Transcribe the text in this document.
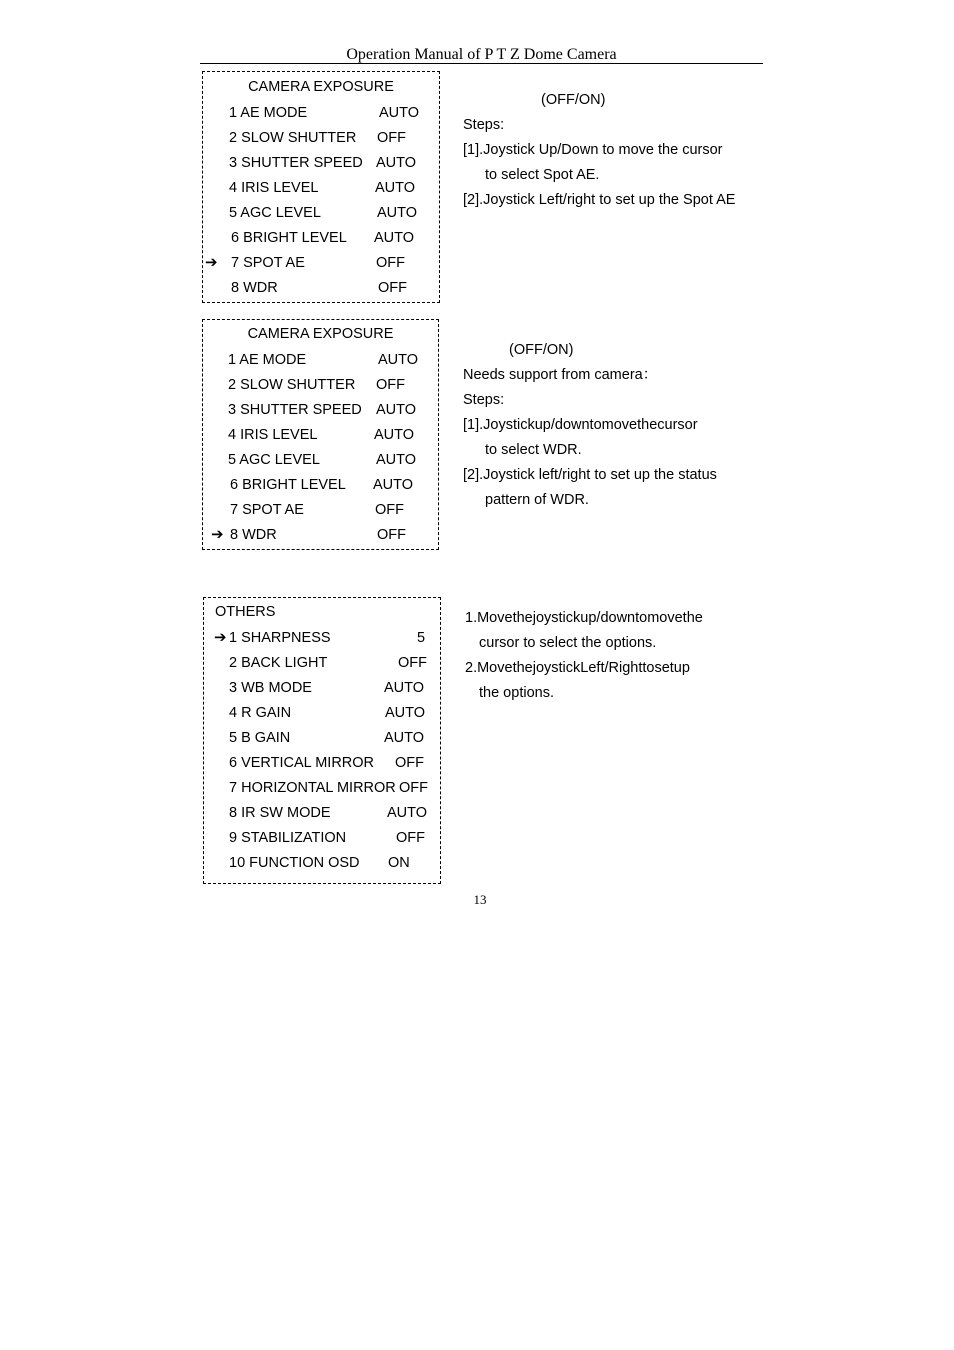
Operation Manual of P T Z Dome Camera
CAMERA EXPOSURE
1 AE MODE	AUTO
2 SLOW SHUTTER OFF
3 SHUTTER SPEED AUTO
4 IRIS LEVEL	AUTO
5 AGC LEVEL	AUTO
6 BRIGHT LEVEL AUTO
➔ 7 SPOT AE	OFF
8 WDR	OFF
(OFF/ON)
Steps:
[1].Joystick Up/Down to move the cursor
to select Spot AE.
[2].Joystick Left/right to set up the Spot AE
CAMERA EXPOSURE
1 AE MODE	AUTO
2 SLOW SHUTTER OFF
3 SHUTTER SPEED AUTO
4 IRIS LEVEL	AUTO
5 AGC LEVEL	AUTO
6 BRIGHT LEVEL AUTO
7 SPOT AE	OFF
➔ 8 WDR	OFF
(OFF/ON)
Needs support from camera：
Steps:
[1].Joystickup/downtomovethecursor
to select WDR.
[2].Joystick left/right to set up the status
pattern of WDR.
OTHERS
➔ 1 SHARPNESS	5
2 BACK LIGHT	OFF
3 WB MODE	AUTO
4 R GAIN	AUTO
5 B GAIN	AUTO
6 VERTICAL MIRROR OFF
7 HORIZONTAL MIRROR OFF
8 IR SW MODE	AUTO
9 STABILIZATION	OFF
10 FUNCTION OSD ON
1.Movethejoystickup/downtomovethe
cursor to select the options.
2.MovethejoystickLeft/Righttosetup
the options.
13
